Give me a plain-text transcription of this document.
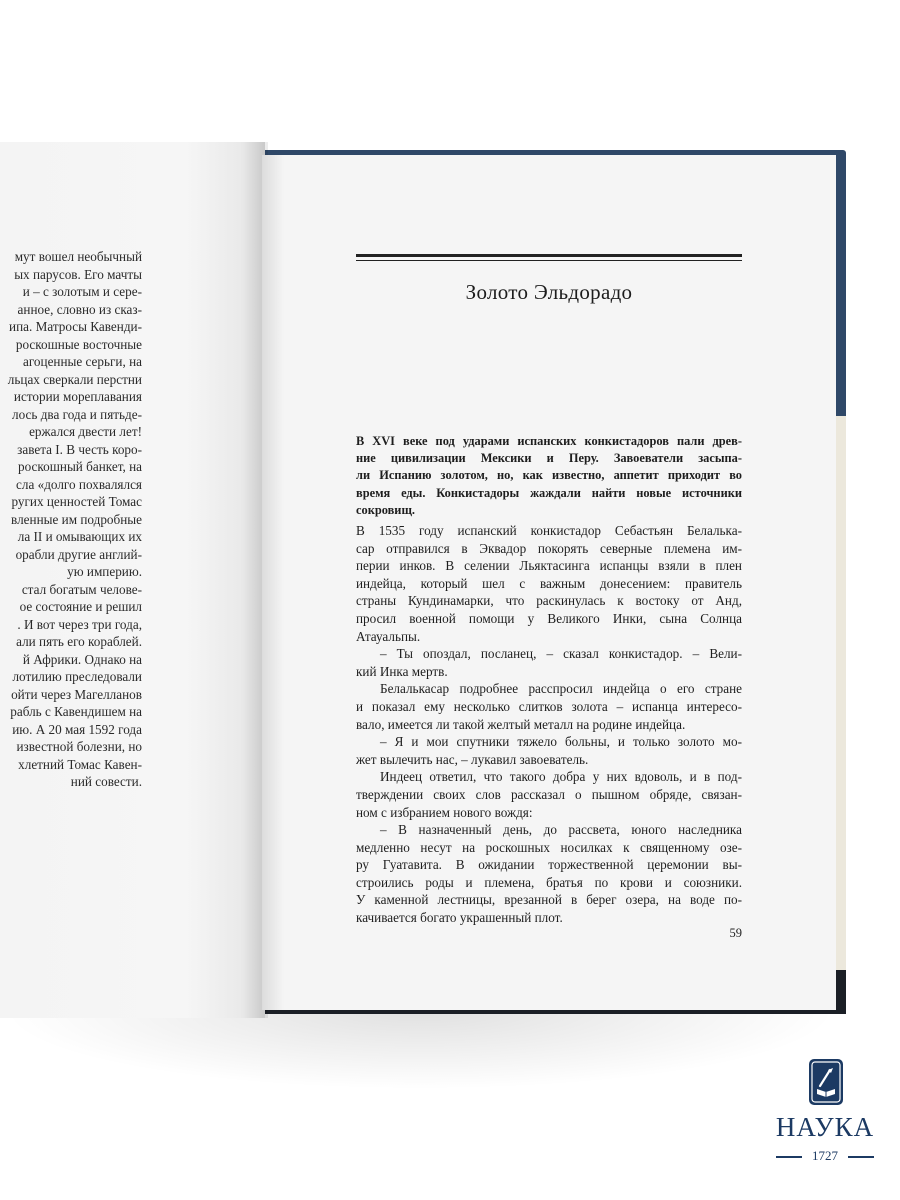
мут вошел необычный
ых парусов. Его мачты
и – с золотым и сере-
анное, словно из сказ-
ипа. Матросы Кавенди-
роскошные восточные
агоценные серьги, на
льцах сверкали перстни
истории мореплавания
лось два года и пятьде-
ержался двести лет!
завета I. В честь коро-
роскошный банкет, на
сла «долго похвалялся
ругих ценностей Томас
вленные им подробные
ла II и омывающих их
орабли другие англий-
ую империю.
стал богатым челове-
ое состояние и решил
. И вот через три года,
али пять его кораблей.
й Африки. Однако на
лотилию преследовали
ойти через Магелланов
рабль с Кавендишем на
ию. А 20 мая 1592 года
известной болезни, но
хлетний Томас Кавен-
ний совести.
Золото Эльдорадо
В XVI веке под ударами испанских конкистадоров пали древ-
ние цивилизации Мексики и Перу. Завоеватели засыпа-
ли Испанию золотом, но, как известно, аппетит приходит во
время еды. Конкистадоры жаждали найти новые источники
сокровищ.
В 1535 году испанский конкистадор Себастьян Белалька-
сар отправился в Эквадор покорять северные племена им-
перии инков. В селении Льяктасинга испанцы взяли в плен
индейца, который шел с важным донесением: правитель
страны Кундинамарки, что раскинулась к востоку от Анд,
просил военной помощи у Великого Инки, сына Солнца
Атауальпы.
– Ты опоздал, посланец, – сказал конкистадор. – Вели-
кий Инка мертв.
Белалькасар подробнее расспросил индейца о его стране
и показал ему несколько слитков золота – испанца интересо-
вало, имеется ли такой желтый металл на родине индейца.
– Я и мои спутники тяжело больны, и только золото мо-
жет вылечить нас, – лукавил завоеватель.
Индеец ответил, что такого добра у них вдоволь, и в под-
тверждении своих слов рассказал о пышном обряде, связан-
ном с избранием нового вождя:
– В назначенный день, до рассвета, юного наследника
медленно несут на роскошных носилках к священному озе-
ру Гуатавита. В ожидании торжественной церемонии вы-
строились роды и племена, братья по крови и союзники.
У каменной лестницы, врезанной в берег озера, на воде по-
качивается богато украшенный плот.
59
НАУКА
1727
